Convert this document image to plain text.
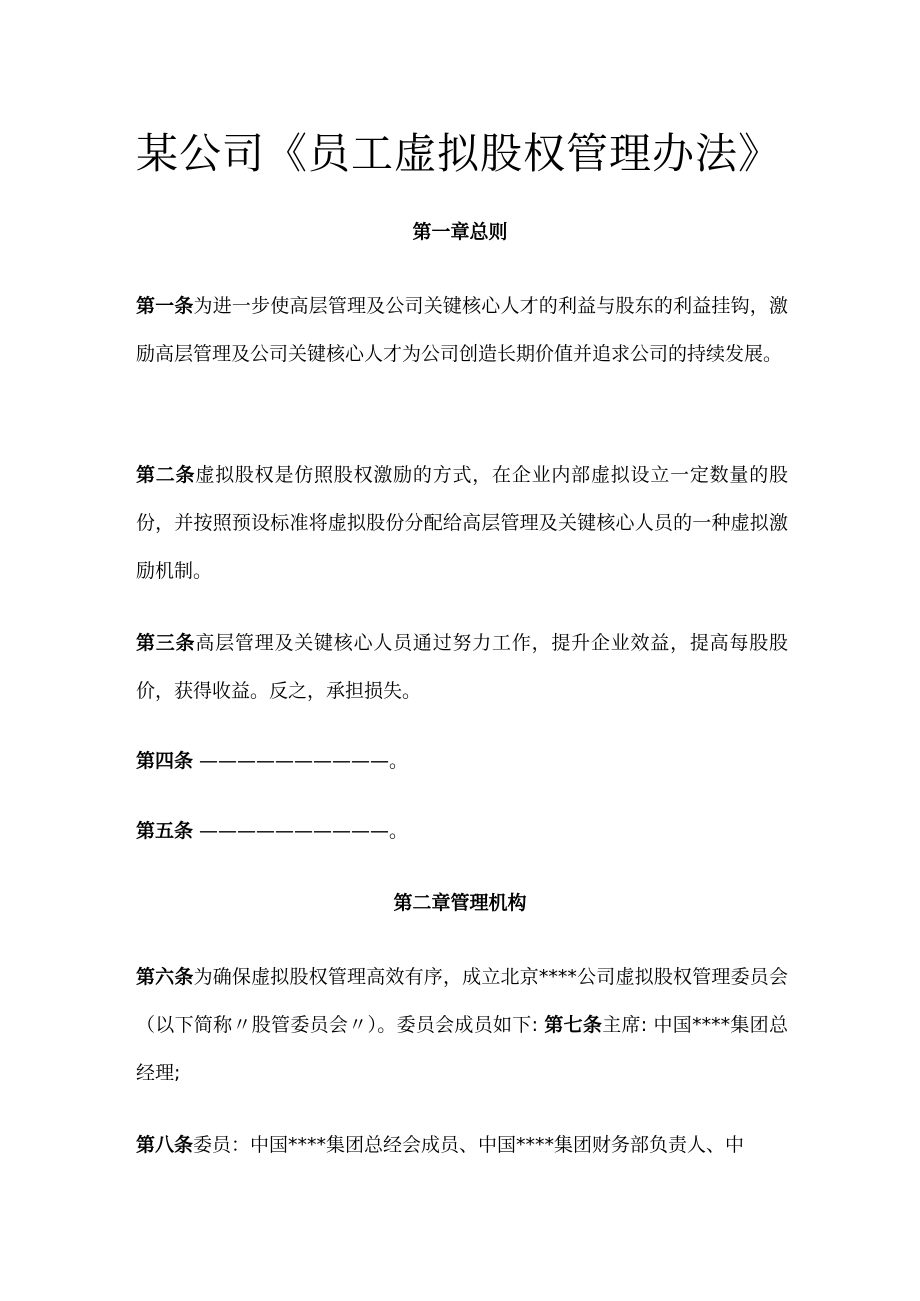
某公司《员工虚拟股权管理办法》
第一章总则

第一条为进一步使高层管理及公司关键核心人才的利益与股东的利益挂钩，激励高层管理及公司关键核心人才为公司创造长期价值并追求公司的持续发展。

第二条虚拟股权是仿照股权激励的方式，在企业内部虚拟设立一定数量的股份，并按照预设标准将虚拟股份分配给高层管理及关键核心人员的一种虚拟激励机制。

第三条高层管理及关键核心人员通过努力工作，提升企业效益，提高每股股价，获得收益。反之，承担损失。

第四条 ——————————。

第五条 ——————————。

第二章管理机构

第六条为确保虚拟股权管理高效有序，成立北京****公司虚拟股权管理委员会（以下简称〃股管委员会〃）。委员会成员如下: 第七条主席: 中国****集团总经理;

第八条委员：中国****集团总经会成员、中国****集团财务部负责人、中
